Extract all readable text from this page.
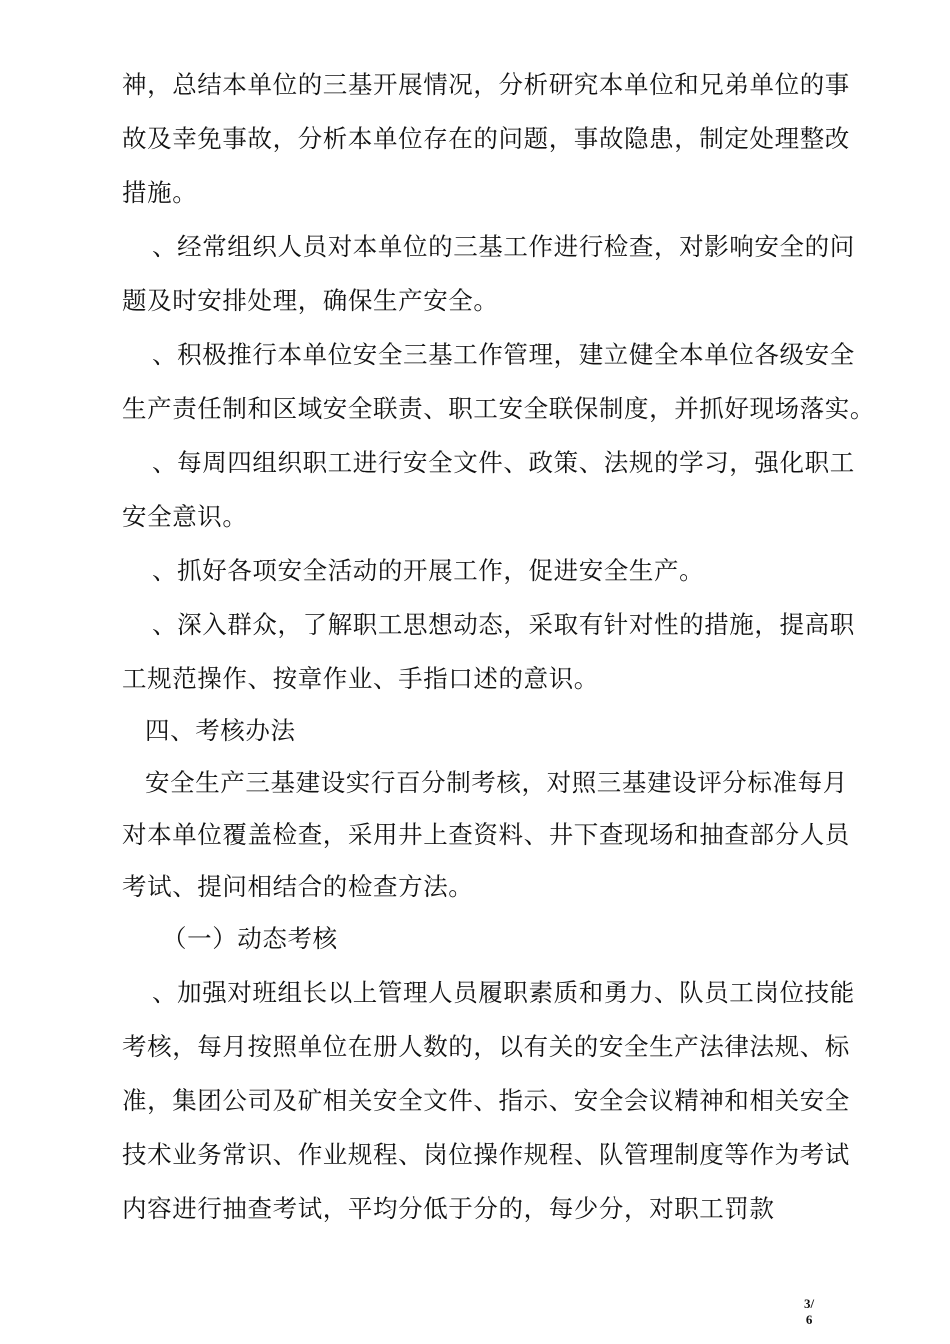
神，总结本单位的三基开展情况，分析研究本单位和兄弟单位的事
故及幸免事故，分析本单位存在的问题，事故隐患，制定处理整改
措施。
、经常组织人员对本单位的三基工作进行检查，对影响安全的问
题及时安排处理，确保生产安全。
、积极推行本单位安全三基工作管理，建立健全本单位各级安全
生产责任制和区域安全联责、职工安全联保制度，并抓好现场落实。
、每周四组织职工进行安全文件、政策、法规的学习，强化职工
安全意识。
、抓好各项安全活动的开展工作，促进安全生产。
、深入群众，了解职工思想动态，采取有针对性的措施，提高职
工规范操作、按章作业、手指口述的意识。
四、考核办法
安全生产三基建设实行百分制考核，对照三基建设评分标准每月
对本单位覆盖检查，采用井上查资料、井下查现场和抽查部分人员
考试、提问相结合的检查方法。
（一）动态考核
、加强对班组长以上管理人员履职素质和勇力、队员工岗位技能
考核，每月按照单位在册人数的，以有关的安全生产法律法规、标
准，集团公司及矿相关安全文件、指示、安全会议精神和相关安全
技术业务常识、作业规程、岗位操作规程、队管理制度等作为考试
内容进行抽查考试，平均分低于分的，每少分，对职工罚款
3/
6
